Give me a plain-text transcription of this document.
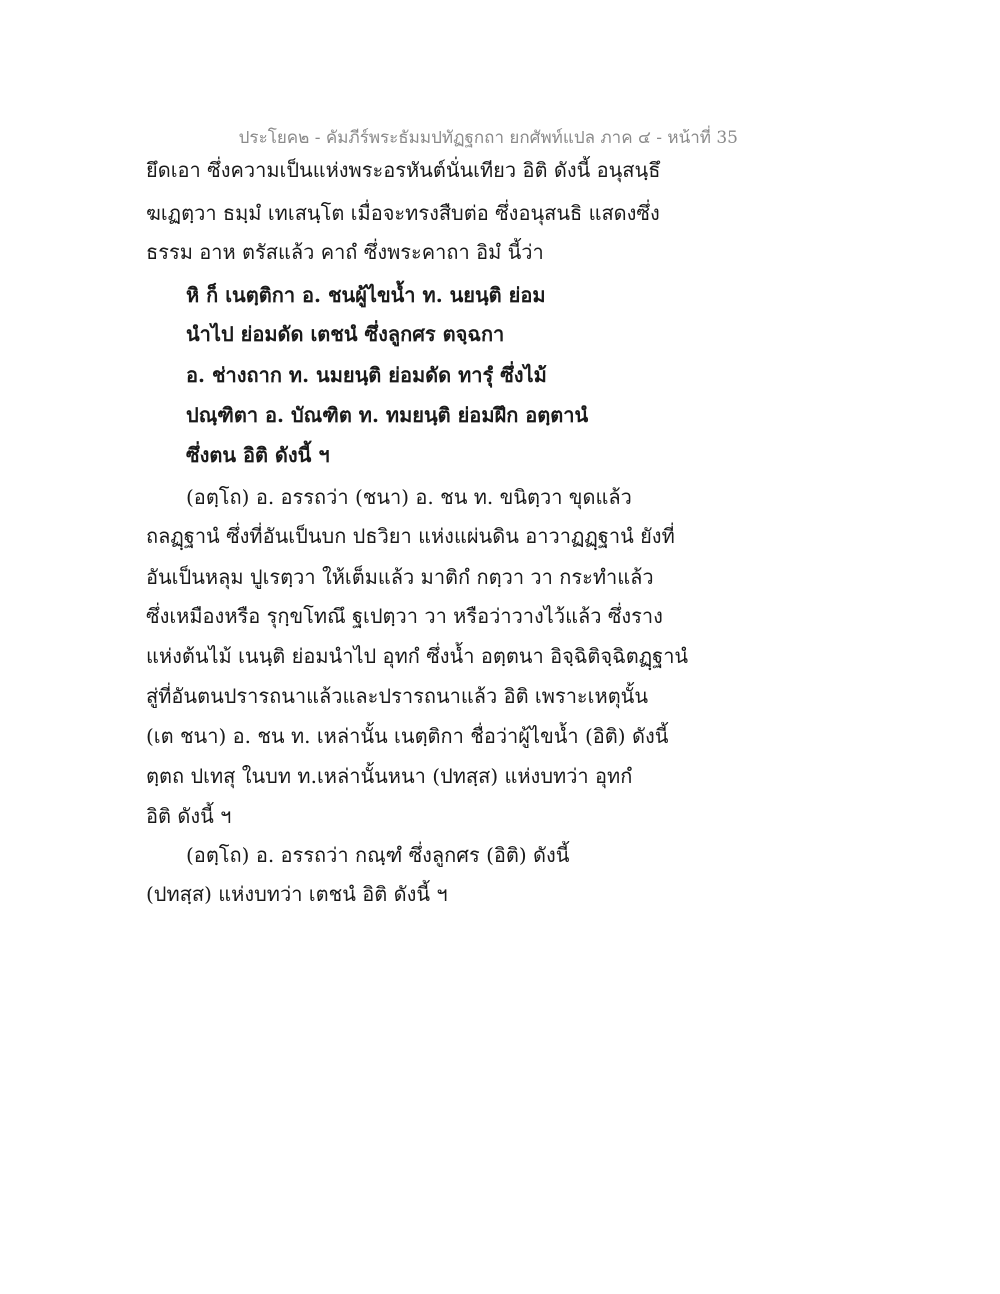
ประโยค๒ - คัมภีร์พระธัมมปทัฏฐกถา ยกศัพท์แปล ภาค ๔ - หน้าที่ 35
ยึดเอา ซึ่งความเป็นแห่งพระอรหันต์นั่นเทียว อิติ ดังนี้ อนุสนฺธึ
ฆเฏตฺวา ธมฺมํ เทเสนฺโต เมื่อจะทรงสืบต่อ ซึ่งอนุสนธิ แสดงซึ่ง
ธรรม อาห ตรัสแล้ว คาถํ ซึ่งพระคาถา อิมํ นี้ว่า
หิ ก็ เนตฺติกา อ. ชนผู้ไขน้ำ ท. นยนฺติ ย่อม
นำไป ย่อมดัด เตชนํ ซึ่งลูกศร ตจฺฉกา
อ. ช่างถาก ท. นมยนฺติ ย่อมดัด ทารุํ ซึ่งไม้
ปณฺฑิตา อ. บัณฑิต ท. ทมยนฺติ ย่อมฝึก อตฺตานํ
ซึ่งตน อิติ ดังนี้ ฯ
(อตฺโถ) อ. อรรถว่า (ชนา) อ. ชน ท. ขนิตฺวา ขุดแล้ว
ถลฏฺฐานํ ซึ่งที่อันเป็นบก ปธวิยา แห่งแผ่นดิน อาวาฏฏฺฐานํ ยังที่
อันเป็นหลุม ปูเรตฺวา ให้เต็มแล้ว มาติกํ กตฺวา วา กระทำแล้ว
ซึ่งเหมืองหรือ รุกฺขโทณึ ฐเปตฺวา วา หรือว่าวางไว้แล้ว ซึ่งราง
แห่งต้นไม้ เนนฺติ ย่อมนำไป อุทกํ ซึ่งน้ำ อตฺตนา อิจฺฉิติจฺฉิตฏฺฐานํ
สู่ที่อันตนปรารถนาแล้วและปรารถนาแล้ว อิติ เพราะเหตุนั้น
(เต ชนา) อ. ชน ท. เหล่านั้น เนตฺติกา ชื่อว่าผู้ไขน้ำ (อิติ) ดังนี้
ตฺตถ ปเทสุ ในบท ท.เหล่านั้นหนา (ปทสฺส) แห่งบทว่า อุทกํ
อิติ ดังนี้ ฯ
(อตฺโถ) อ. อรรถว่า กณฺฑํ ซึ่งลูกศร (อิติ) ดังนี้
(ปทสฺส) แห่งบทว่า เตชนํ อิติ ดังนี้ ฯ
